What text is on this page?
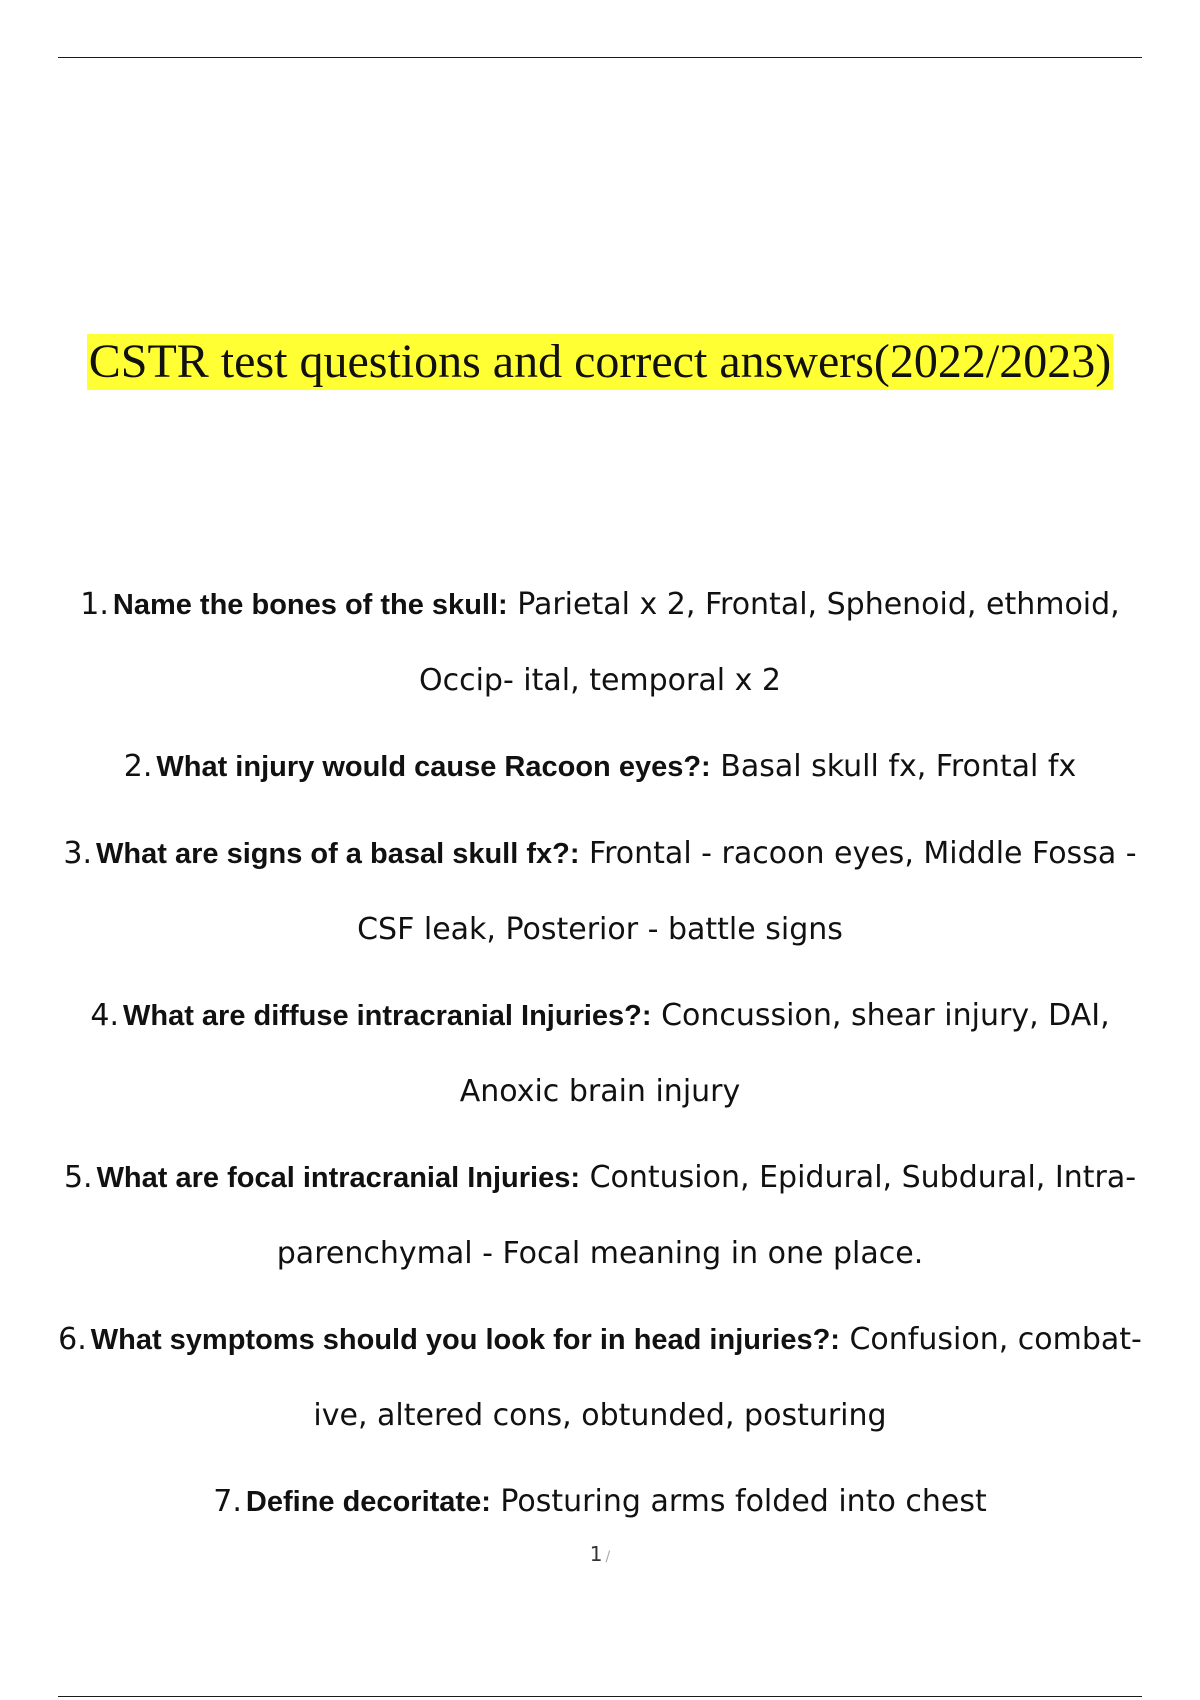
CSTR test questions and correct answers(2022/2023)
1. Name the bones of the skull: Parietal x 2, Frontal, Sphenoid, ethmoid, Occip- ital, temporal x 2
2. What injury would cause Racoon eyes?: Basal skull fx, Frontal fx
3. What are signs of a basal skull fx?: Frontal - racoon eyes, Middle Fossa - CSF leak, Posterior - battle signs
4. What are diffuse intracranial Injuries?: Concussion, shear injury, DAI, Anoxic brain injury
5. What are focal intracranial Injuries: Contusion, Epidural, Subdural, Intra- parenchymal - Focal meaning in one place.
6. What symptoms should you look for in head injuries?: Confusion, combat- ive, altered cons, obtunded, posturing
7. Define decoritate: Posturing arms folded into chest
1 /
